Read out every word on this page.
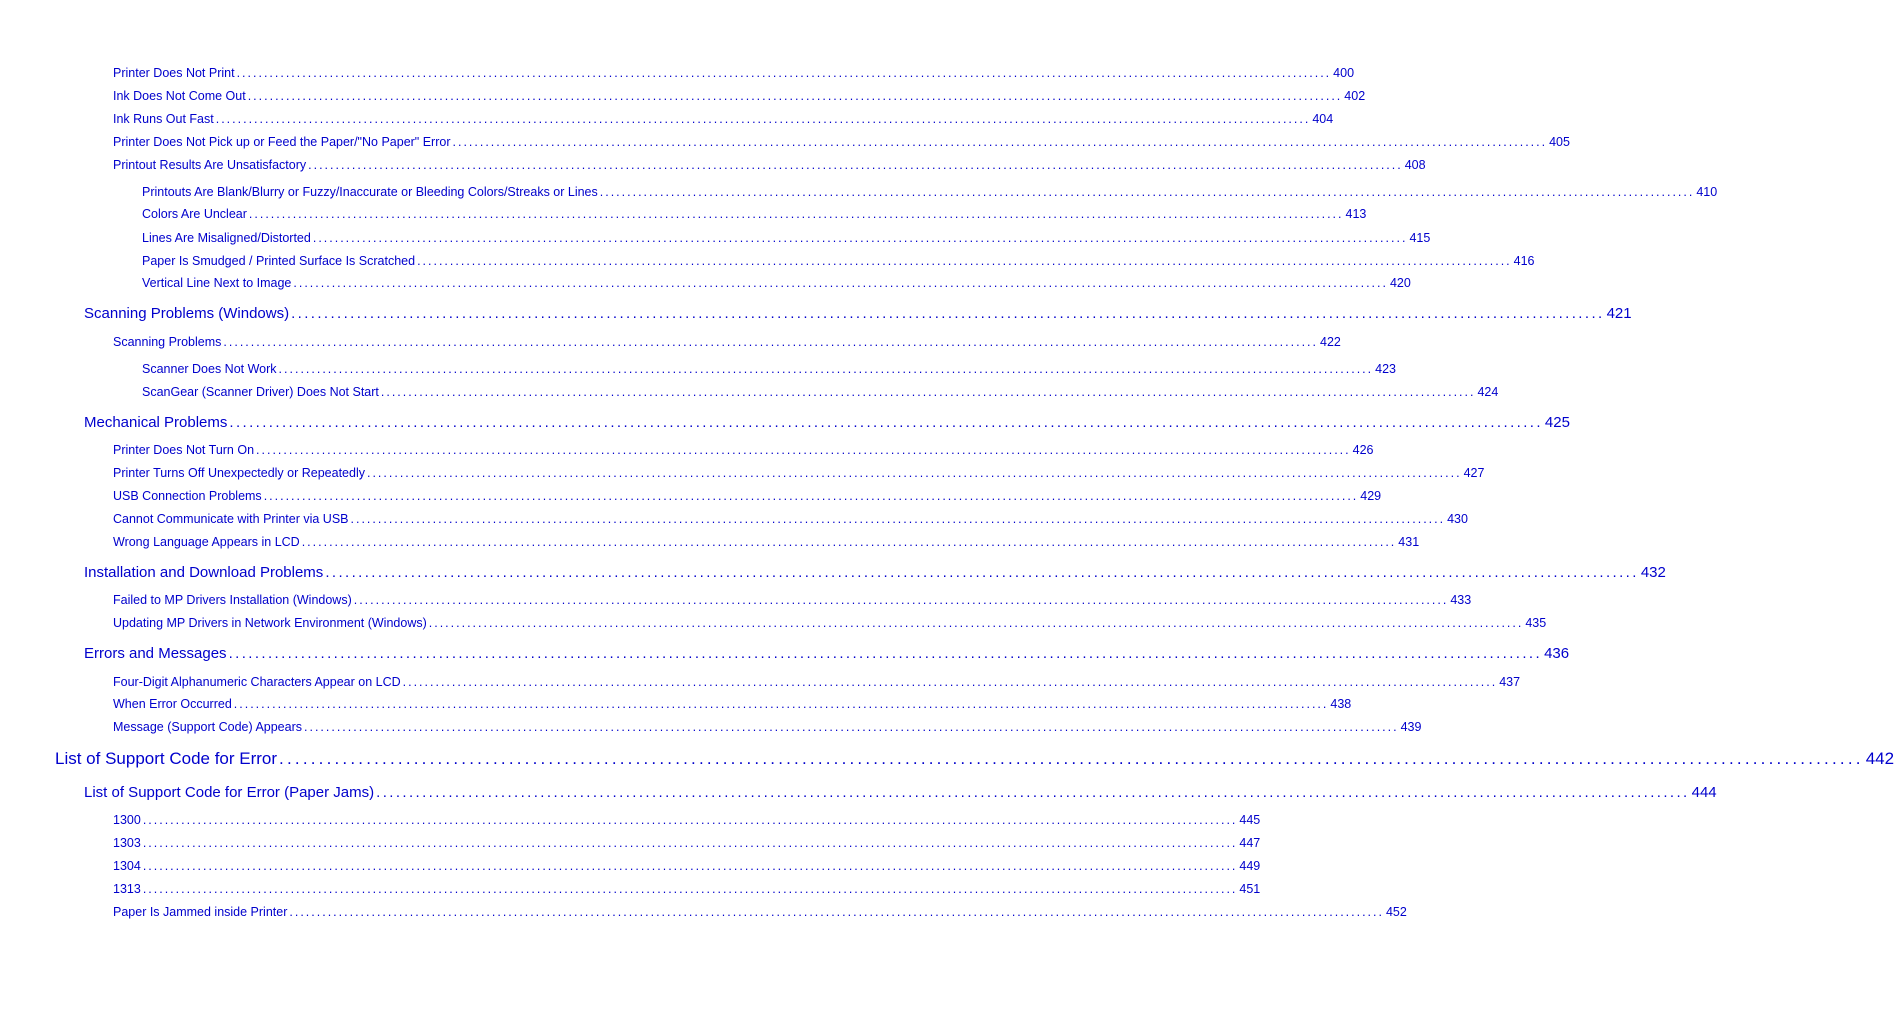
Printer Does Not Print ........................................................................................................................................................................................................ 400
Ink Does Not Come Out ........................................................................................................................................................................................................ 402
Ink Runs Out Fast ........................................................................................................................................................................................................ 404
Printer Does Not Pick up or Feed the Paper/"No Paper" Error ........................................................................................................................................................................................................ 405
Printout Results Are Unsatisfactory ........................................................................................................................................................................................................ 408
Printouts Are Blank/Blurry or Fuzzy/Inaccurate or Bleeding Colors/Streaks or Lines ........................................................................................................................................................................................................ 410
Colors Are Unclear ........................................................................................................................................................................................................ 413
Lines Are Misaligned/Distorted ........................................................................................................................................................................................................ 415
Paper Is Smudged / Printed Surface Is Scratched ........................................................................................................................................................................................................ 416
Vertical Line Next to Image ........................................................................................................................................................................................................ 420
Scanning Problems (Windows) ........................................................................................................................................................................................................ 421
Scanning Problems ........................................................................................................................................................................................................ 422
Scanner Does Not Work ........................................................................................................................................................................................................ 423
ScanGear (Scanner Driver) Does Not Start ........................................................................................................................................................................................................ 424
Mechanical Problems ........................................................................................................................................................................................................ 425
Printer Does Not Turn On ........................................................................................................................................................................................................ 426
Printer Turns Off Unexpectedly or Repeatedly ........................................................................................................................................................................................................ 427
USB Connection Problems ........................................................................................................................................................................................................ 429
Cannot Communicate with Printer via USB ........................................................................................................................................................................................................ 430
Wrong Language Appears in LCD ........................................................................................................................................................................................................ 431
Installation and Download Problems ........................................................................................................................................................................................................ 432
Failed to MP Drivers Installation (Windows) ........................................................................................................................................................................................................ 433
Updating MP Drivers in Network Environment (Windows) ........................................................................................................................................................................................................ 435
Errors and Messages ........................................................................................................................................................................................................ 436
Four-Digit Alphanumeric Characters Appear on LCD ........................................................................................................................................................................................................ 437
When Error Occurred ........................................................................................................................................................................................................ 438
Message (Support Code) Appears ........................................................................................................................................................................................................ 439
List of Support Code for Error ........................................................................................................................................................................................................ 442
List of Support Code for Error (Paper Jams) ........................................................................................................................................................................................................ 444
1300 ........................................................................................................................................................................................................ 445
1303 ........................................................................................................................................................................................................ 447
1304 ........................................................................................................................................................................................................ 449
1313 ........................................................................................................................................................................................................ 451
Paper Is Jammed inside Printer ........................................................................................................................................................................................................ 452
